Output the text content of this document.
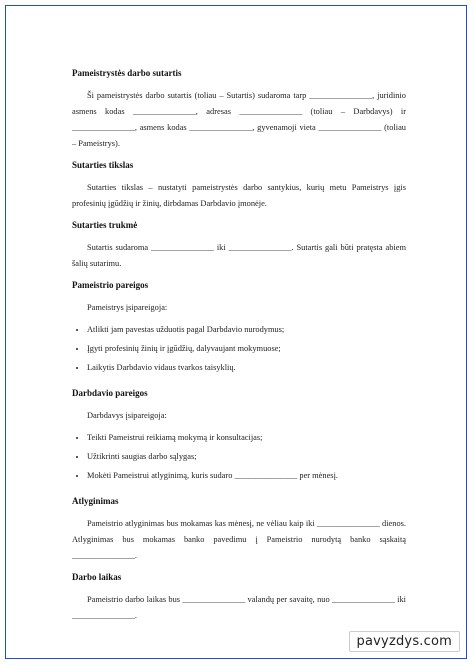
Pameistrystės darbo sutartis

Ši pameistrystės darbo sutartis (toliau – Sutartis) sudaroma tarp _______________, juridinio asmens kodas _______________, adresas _______________ (toliau – Darbdavys) ir _______________, asmens kodas _______________, gyvenamoji vieta _______________ (toliau – Pameistrys).

Sutarties tikslas

Sutarties tikslas – nustatyti pameistrystės darbo santykius, kurių metu Pameistrys įgis profesinių įgūdžių ir žinių, dirbdamas Darbdavio įmonėje.

Sutarties trukmė

Sutartis sudaroma _______________ iki _______________. Sutartis gali būti pratęsta abiem šalių sutarimu.

Pameistrio pareigos

Pameistrys įsipareigoja:

• Atlikti jam pavestas užduotis pagal Darbdavio nurodymus;
• Įgyti profesinių žinių ir įgūdžių, dalyvaujant mokymuose;
• Laikytis Darbdavio vidaus tvarkos taisyklių.
Darbdavio pareigos

Darbdavys įsipareigoja:

• Teikti Pameistrui reikiamą mokymą ir konsultacijas;
• Užtikrinti saugias darbo sąlygas;
• Mokėti Pameistrui atlyginimą, kuris sudaro _______________ per mėnesį.
Atlyginimas

Pameistrio atlyginimas bus mokamas kas mėnesį, ne vėliau kaip iki _______________ dienos. Atlyginimas bus mokamas banko pavedimu į Pameistrio nurodytą banko sąskaitą _______________.

Darbo laikas

Pameistrio darbo laikas bus _______________ valandų per savaitę, nuo _______________ iki _______________.

pavyzdys.com
